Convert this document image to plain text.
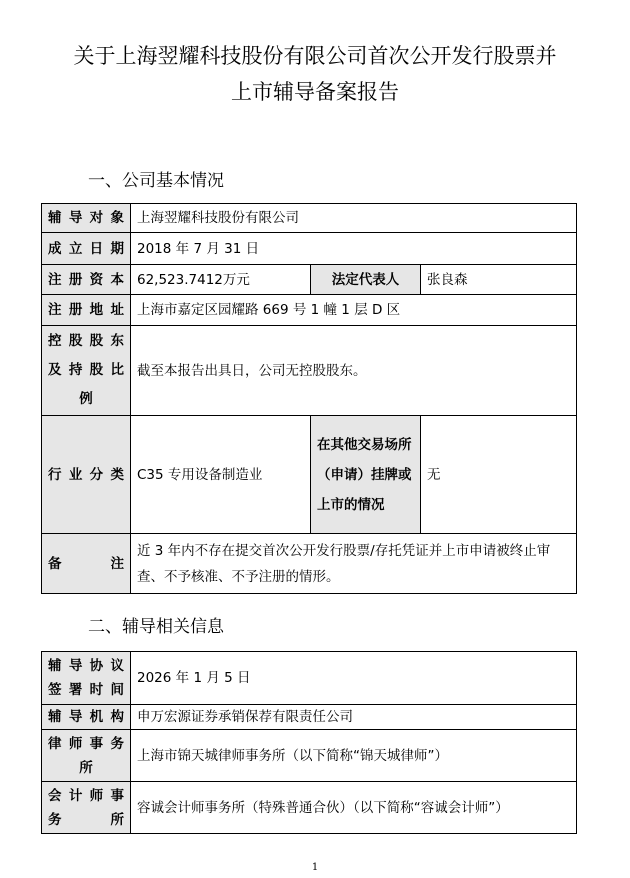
关于上海翌耀科技股份有限公司首次公开发行股票并
上市辅导备案报告
一、公司基本情况
辅导对象	上海翌耀科技股份有限公司		
成立日期	2018 年 7 月 31 日		
注册资本	62,523.7412万元	法定代表人	张良森
注册地址	上海市嘉定区园耀路 669 号 1 幢 1 层 D 区		

控股股东
及持股比
例	截至本报告出具日，公司无控股股东。		
行业分类	C35 专用设备制造业	在其他交易场所（申请）挂牌或上市的情况	无
备　　注	近 3 年内不存在提交首次公开发行股票/存托凭证并上市申请被终止审查、不予核准、不予注册的情形。		
二、辅导相关信息
辅导协议
签署时间	2026 年 1 月 5 日
辅导机构	申万宏源证券承销保荐有限责任公司

律师事务
所	上海市锦天城律师事务所（以下简称“锦天城律师”）

会计师事
务　　所	容诚会计师事务所（特殊普通合伙）（以下简称“容诚会计师”）
1
